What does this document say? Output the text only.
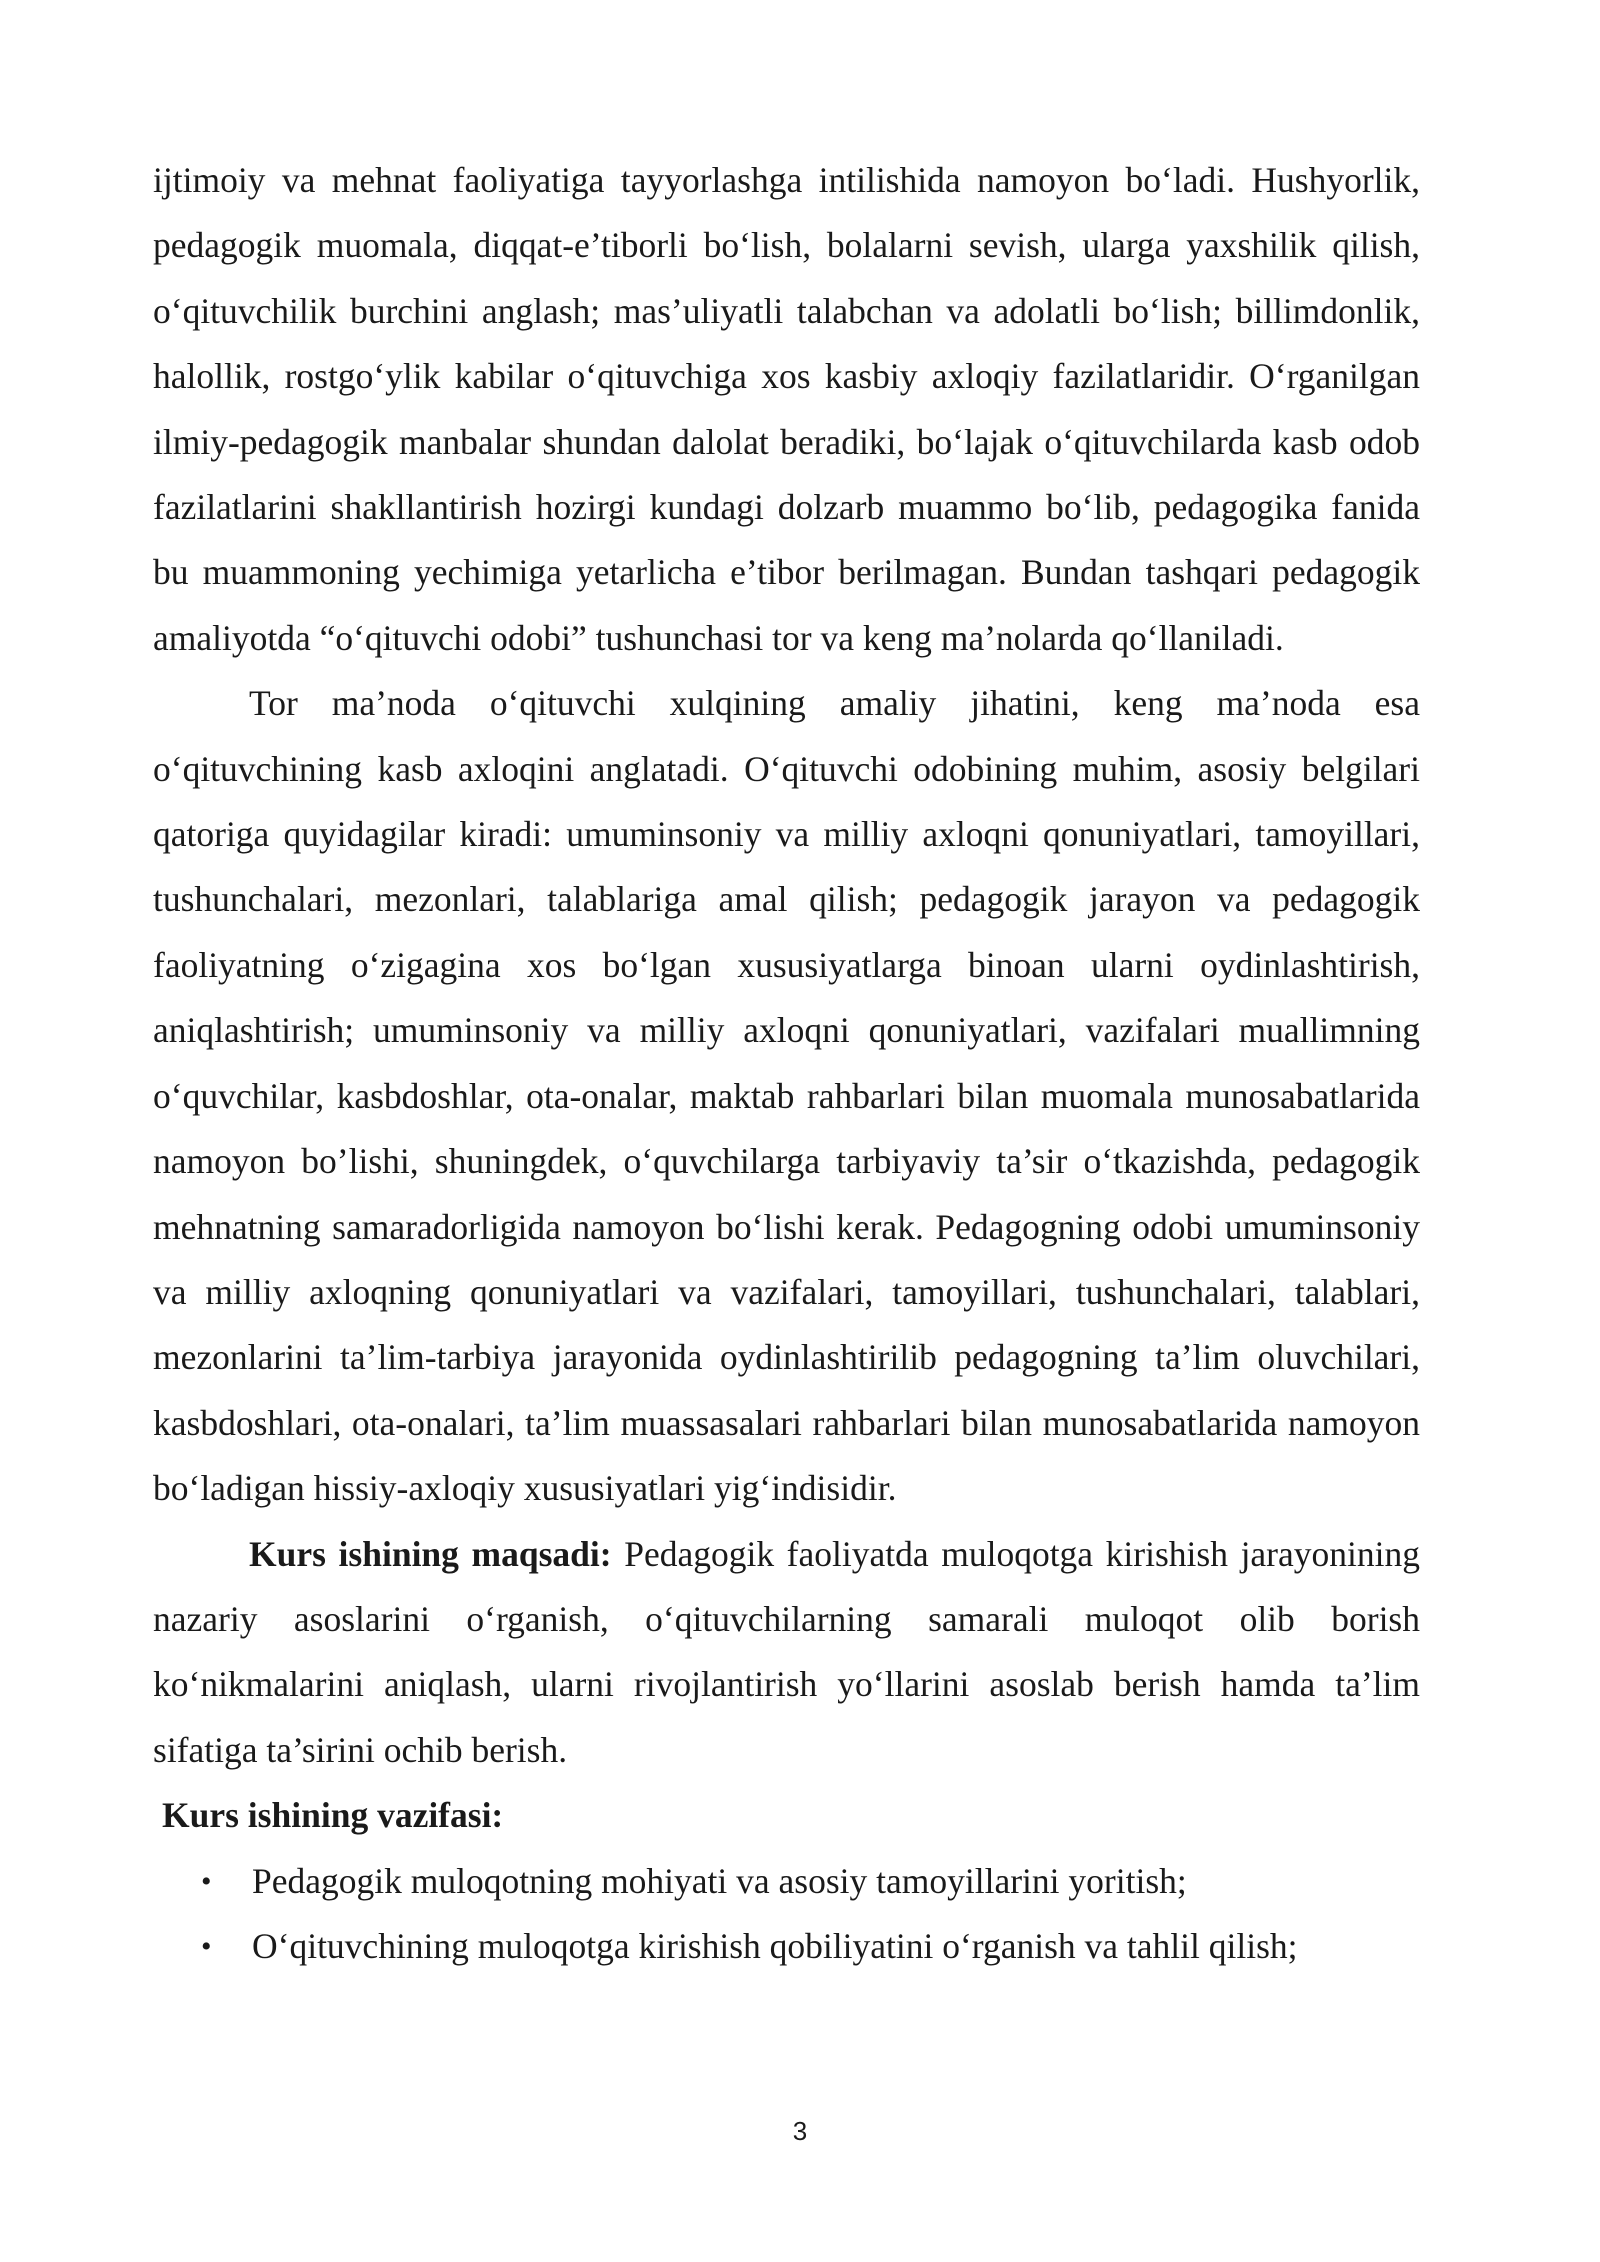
ijtimoiy va mehnat faoliyatiga tayyorlashga intilishida namoyon bo‘ladi. Hushyorlik, pedagogik muomala, diqqat-e’tiborli bo‘lish, bolalarni sevish, ularga yaxshilik qilish, o‘qituvchilik burchini anglash; mas’uliyatli talabchan va adolatli bo‘lish; billimdonlik, halollik, rostgo‘ylik kabilar o‘qituvchiga xos kasbiy axloqiy fazilatlaridir. O‘rganilgan ilmiy-pedagogik manbalar shundan dalolat beradiki, bo‘lajak o‘qituvchilarda kasb odob fazilatlarini shakllantirish hozirgi kundagi dolzarb muammo bo‘lib, pedagogika fanida bu muammoning yechimiga yetarlicha e’tibor berilmagan. Bundan tashqari pedagogik amaliyotda “o‘qituvchi odobi” tushunchasi tor va keng ma’nolarda qo‘llaniladi.

Tor ma’noda o‘qituvchi xulqining amaliy jihatini, keng ma’noda esa o‘qituvchining kasb axloqini anglatadi. O‘qituvchi odobining muhim, asosiy belgilari qatoriga quyidagilar kiradi: umuminsoniy va milliy axloqni qonuniyatlari, tamoyillari, tushunchalari, mezonlari, talablariga amal qilish; pedagogik jarayon va pedagogik faoliyatning o‘zigagina xos bo‘lgan xususiyatlarga binoan ularni oydinlashtirish, aniqlashtirish; umuminsoniy va milliy axloqni qonuniyatlari, vazifalari muallimning o‘quvchilar, kasbdoshlar, ota-onalar, maktab rahbarlari bilan muomala munosabatlarida namoyon bo’lishi, shuningdek, o‘quvchilarga tarbiyaviy ta’sir o‘tkazishda, pedagogik mehnatning samaradorligida namoyon bo‘lishi kerak. Pedagogning odobi umuminsoniy va milliy axloqning qonuniyatlari va vazifalari, tamoyillari, tushunchalari, talablari, mezonlarini ta’lim-tarbiya jarayonida oydinlashtirilib pedagogning ta’lim oluvchilari, kasbdoshlari, ota-onalari, ta’lim muassasalari rahbarlari bilan munosabatlarida namoyon bo‘ladigan hissiy-axloqiy xususiyatlari yig‘indisidir.

Kurs ishining maqsadi: Pedagogik faoliyatda muloqotga kirishish jarayonining nazariy asoslarini o‘rganish, o‘qituvchilarning samarali muloqot olib borish ko‘nikmalarini aniqlash, ularni rivojlantirish yo‘llarini asoslab berish hamda ta’lim sifatiga ta’sirini ochib berish.

Kurs ishining vazifasi:

• Pedagogik muloqotning mohiyati va asosiy tamoyillarini yoritish;
• O‘qituvchining muloqotga kirishish qobiliyatini o‘rganish va tahlil qilish;
3
